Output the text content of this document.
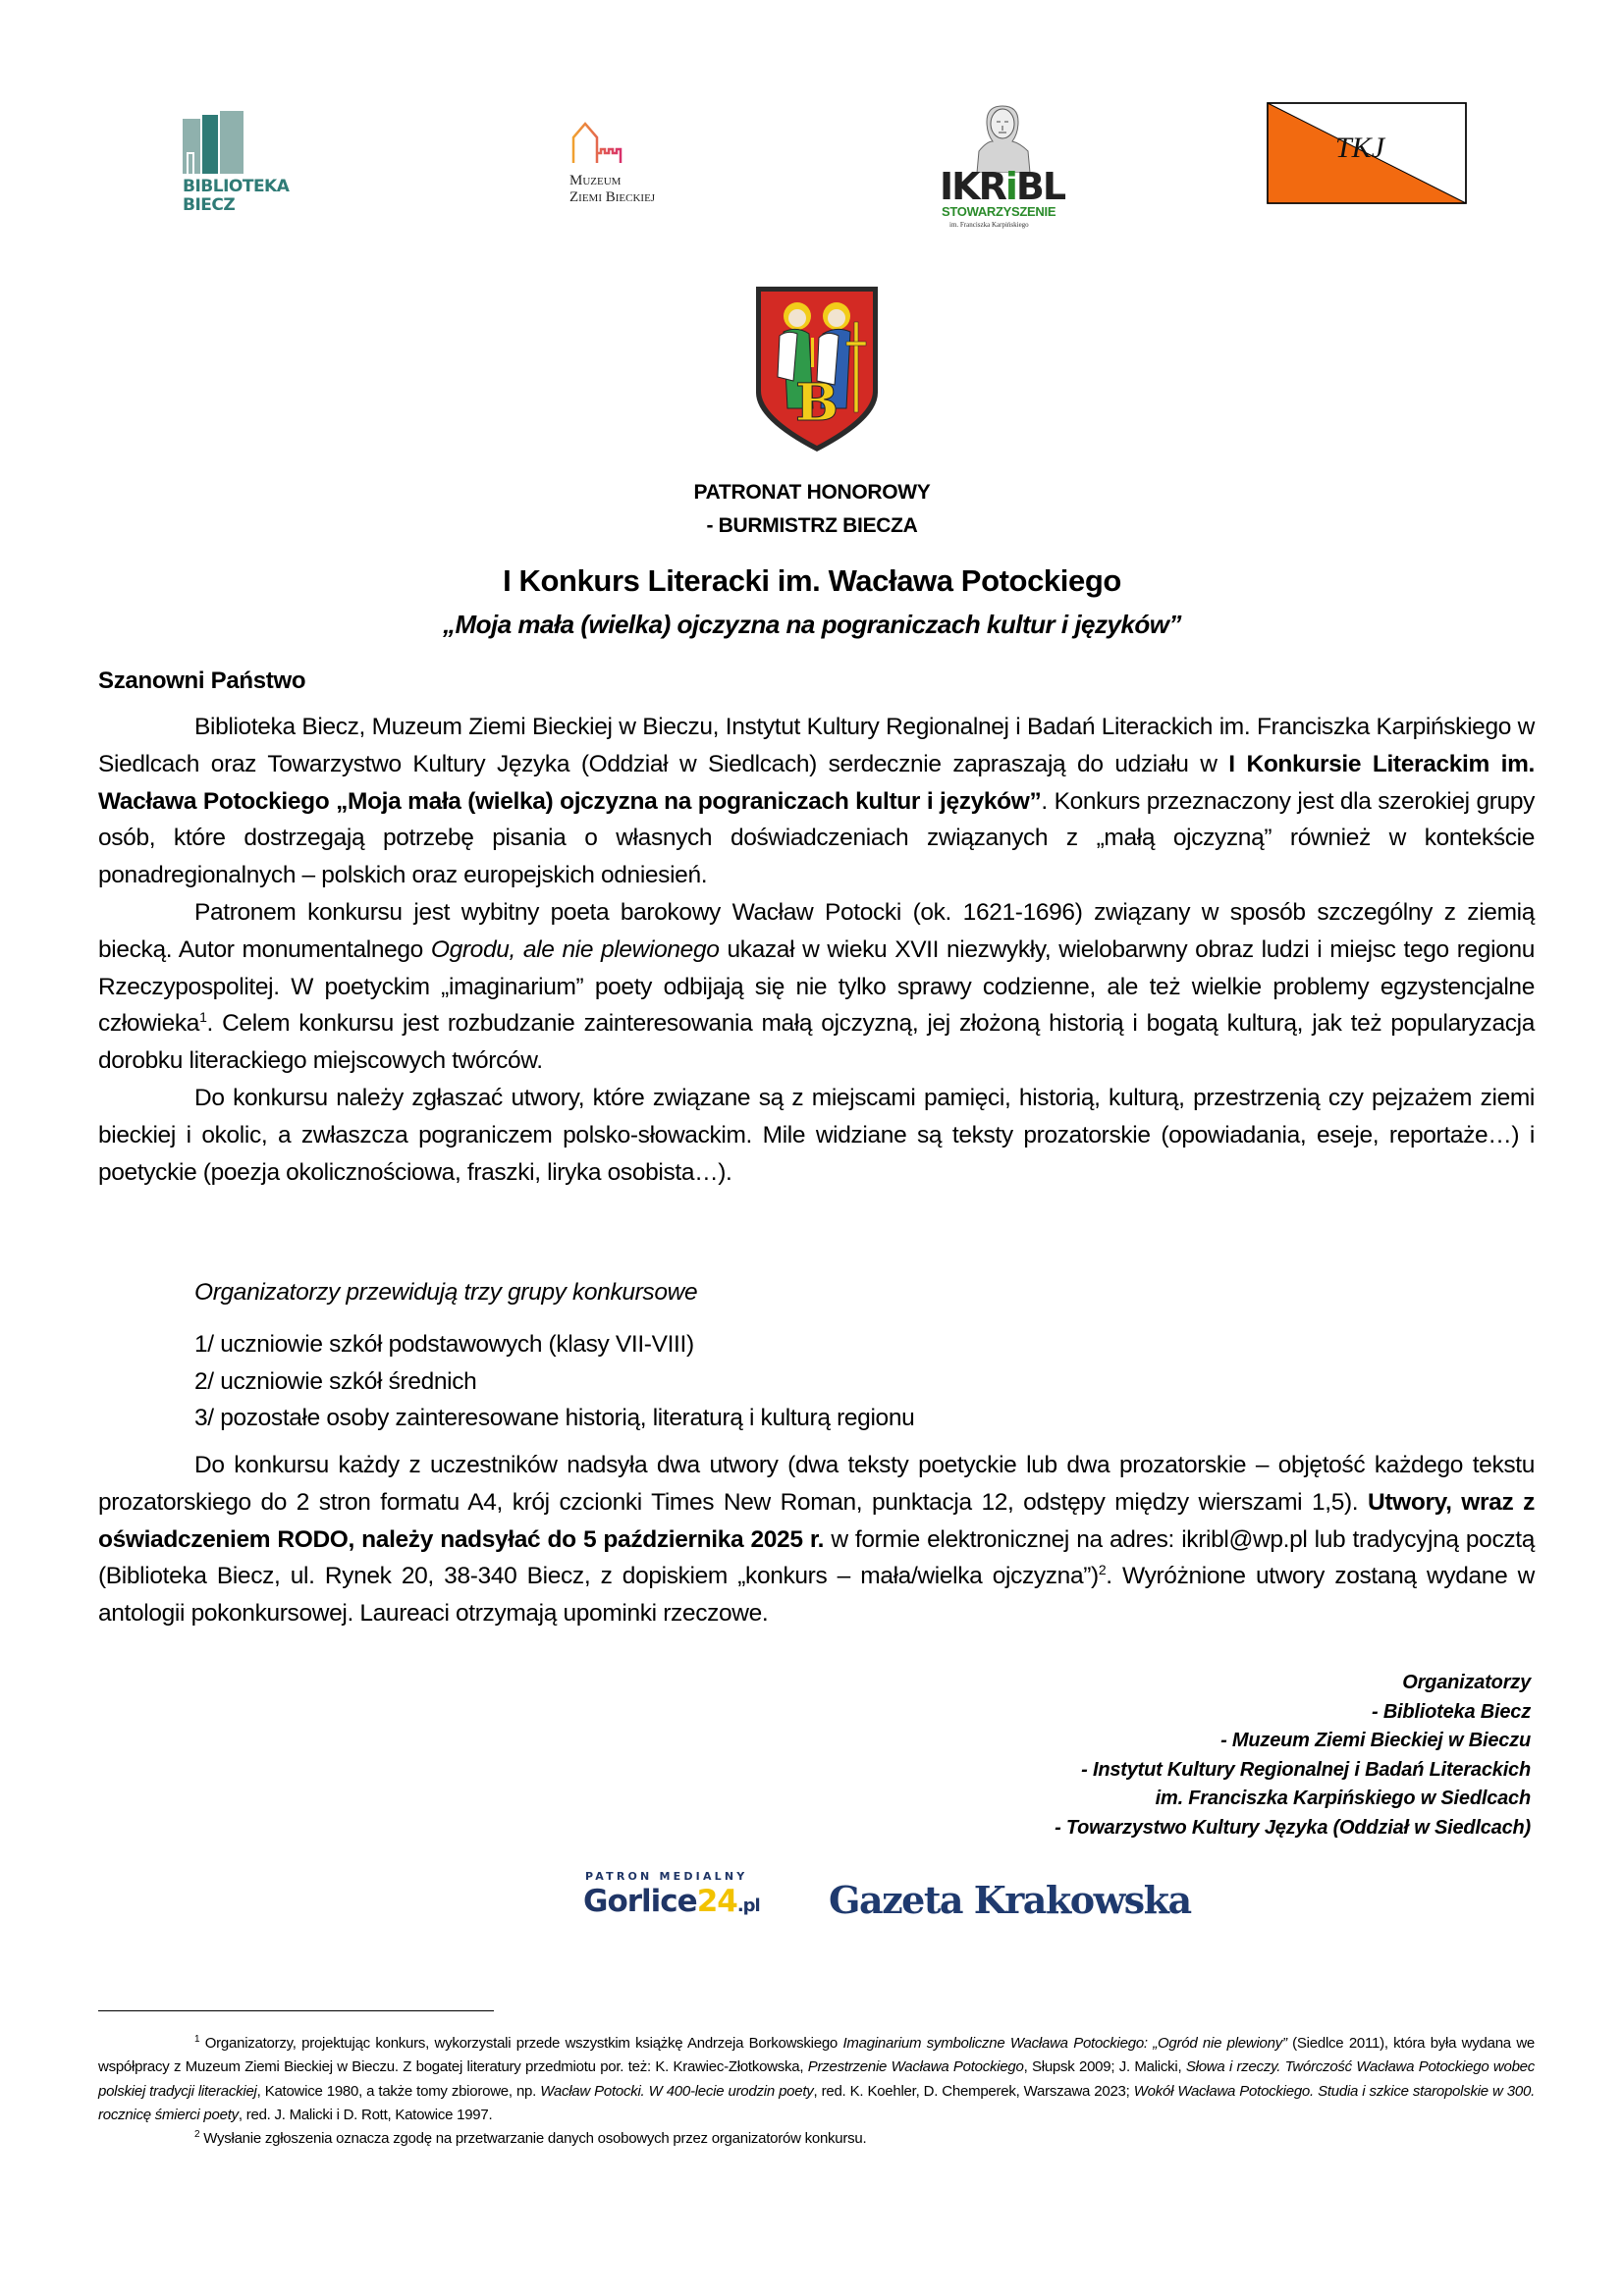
BIBLIOTEKA
BIECZ
Muzeum
Ziemi Bieckiej	IKRiBL
STOWARZYSZENIE
im. Franciszka Karpińskiego
TKJ
B
PATRONAT HONOROWY
- BURMISTRZ BIECZA
I Konkurs Literacki im. Wacława Potockiego
„Moja mała (wielka) ojczyzna na pograniczach kultur i języków”
Szanowni Państwo

Biblioteka Biecz, Muzeum Ziemi Bieckiej w Bieczu, Instytut Kultury Regionalnej i Badań Literackich im. Franciszka Karpińskiego w Siedlcach oraz Towarzystwo Kultury Języka (Oddział w Siedlcach) serdecznie zapraszają do udziału w I Konkursie Literackim im. Wacława Potockiego „Moja mała (wielka) ojczyzna na pograniczach kultur i języków”. Konkurs przeznaczony jest dla szerokiej grupy osób, które dostrzegają potrzebę pisania o własnych doświadczeniach związanych z „małą ojczyzną” również w kontekście ponadregionalnych – polskich oraz europejskich odniesień.

Patronem konkursu jest wybitny poeta barokowy Wacław Potocki (ok. 1621-1696) związany w sposób szczególny z ziemią biecką. Autor monumentalnego Ogrodu, ale nie plewionego ukazał w wieku XVII niezwykły, wielobarwny obraz ludzi i miejsc tego regionu Rzeczypospolitej. W poetyckim „imaginarium” poety odbijają się nie tylko sprawy codzienne, ale też wielkie problemy egzystencjalne człowieka$^1$. Celem konkursu jest rozbudzanie zainteresowania małą ojczyzną, jej złożoną historią i bogatą kulturą, jak też popularyzacja dorobku literackiego miejscowych twórców.

Do konkursu należy zgłaszać utwory, które związane są z miejscami pamięci, historią, kulturą, przestrzenią czy pejzażem ziemi bieckiej i okolic, a zwłaszcza pograniczem polsko-słowackim. Mile widziane są teksty prozatorskie (opowiadania, eseje, reportaże…) i poetyckie (poezja okolicznościowa, fraszki, liryka osobista…).

Organizatorzy przewidują trzy grupy konkursowe
1/ uczniowie szkół podstawowych (klasy VII-VIII)
2/ uczniowie szkół średnich
3/ pozostałe osoby zainteresowane historią, literaturą i kulturą regionu

Do konkursu każdy z uczestników nadsyła dwa utwory (dwa teksty poetyckie lub dwa prozatorskie – objętość każdego tekstu prozatorskiego do 2 stron formatu A4, krój czcionki Times New Roman, punktacja 12, odstępy między wierszami 1,5). Utwory, wraz z oświadczeniem RODO, należy nadsyłać do 5 października 2025 r. w formie elektronicznej na adres: ikribl@wp.pl lub tradycyjną pocztą (Biblioteka Biecz, ul. Rynek 20, 38-340 Biecz, z dopiskiem „konkurs – mała/wielka ojczyzna”)$^2$. Wyróżnione utwory zostaną wydane w antologii pokonkursowej. Laureaci otrzymają upominki rzeczowe.

Organizatorzy
- Biblioteka Biecz
- Muzeum Ziemi Bieckiej w Bieczu
- Instytut Kultury Regionalnej i Badań Literackich
im. Franciszka Karpińskiego w Siedlcach
- Towarzystwo Kultury Języka (Oddział w Siedlcach)
PATRON MEDIALNY
Gorlice24.pl Gazeta Krakowska

$^1$ Organizatorzy, projektując konkurs, wykorzystali przede wszystkim książkę Andrzeja Borkowskiego Imaginarium symboliczne Wacława Potockiego: „Ogród nie plewiony” (Siedlce 2011), która była wydana we współpracy z Muzeum Ziemi Bieckiej w Bieczu. Z bogatej literatury przedmiotu por. też: K. Krawiec-Złotkowska, Przestrzenie Wacława Potockiego, Słupsk 2009; J. Malicki, Słowa i rzeczy. Twórczość Wacława Potockiego wobec polskiej tradycji literackiej, Katowice 1980, a także tomy zbiorowe, np. Wacław Potocki. W 400-lecie urodzin poety, red. K. Koehler, D. Chemperek, Warszawa 2023; Wokół Wacława Potockiego. Studia i szkice staropolskie w 300. rocznicę śmierci poety, red. J. Malicki i D. Rott, Katowice 1997.

$^2$ Wysłanie zgłoszenia oznacza zgodę na przetwarzanie danych osobowych przez organizatorów konkursu.
